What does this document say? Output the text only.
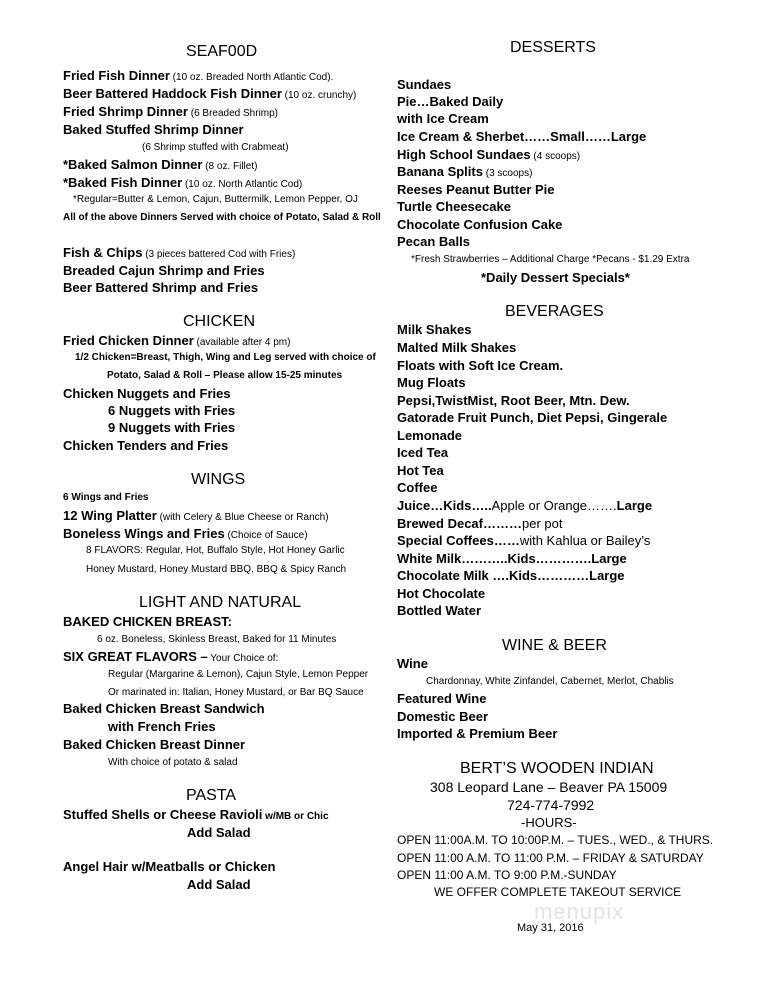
SEAF00D
Fried Fish Dinner (10 oz. Breaded North Atlantic Cod).
Beer Battered Haddock Fish Dinner (10 oz. crunchy)
Fried Shrimp Dinner (6 Breaded Shrimp)
Baked Stuffed Shrimp Dinner
(6 Shrimp stuffed with Crabmeat)
*Baked Salmon Dinner (8 oz. Fillet)
*Baked Fish Dinner (10 oz. North Atlantic Cod)
*Regular=Butter & Lemon, Cajun, Buttermilk, Lemon Pepper, OJ
All of the above Dinners Served with choice of Potato, Salad & Roll
Fish & Chips (3 pieces battered Cod with Fries)
Breaded Cajun Shrimp and Fries
Beer Battered Shrimp and Fries
CHICKEN
Fried Chicken Dinner (available after 4 pm)
1/2 Chicken=Breast, Thigh, Wing and Leg served with choice of
Potato, Salad & Roll – Please allow 15-25 minutes
Chicken Nuggets and Fries
6 Nuggets with Fries
9 Nuggets with Fries
Chicken Tenders and Fries
WINGS
6 Wings and Fries
12 Wing Platter (with Celery & Blue Cheese or Ranch)
Boneless Wings and Fries (Choice of Sauce)
8 FLAVORS: Regular, Hot, Buffalo Style, Hot Honey Garlic
Honey Mustard, Honey Mustard BBQ, BBQ & Spicy Ranch
LIGHT AND NATURAL
BAKED CHICKEN BREAST:
6 oz. Boneless, Skinless Breast, Baked for 11 Minutes
SIX GREAT FLAVORS – Your Choice of:
Regular (Margarine & Lemon), Cajun Style, Lemon Pepper
Or marinated in: Italian, Honey Mustard, or Bar BQ Sauce
Baked Chicken Breast Sandwich
with French Fries
Baked Chicken Breast Dinner
With choice of potato & salad
PASTA
Stuffed Shells or Cheese Ravioli w/MB or Chic
Add Salad
Angel Hair w/Meatballs or Chicken
Add Salad
DESSERTS
Sundaes
Pie…Baked Daily
with Ice Cream
Ice Cream & Sherbet……Small……Large
High School Sundaes (4 scoops)
Banana Splits (3 scoops)
Reeses Peanut Butter Pie
Turtle Cheesecake
Chocolate Confusion Cake
Pecan Balls
*Fresh Strawberries – Additional Charge *Pecans - $1.29 Extra
*Daily Dessert Specials*
BEVERAGES
Milk Shakes
Malted Milk Shakes
Floats with Soft Ice Cream.
Mug Floats
Pepsi,TwistMist, Root Beer, Mtn. Dew.
Gatorade Fruit Punch, Diet Pepsi, Gingerale
Lemonade
Iced Tea
Hot Tea
Coffee
Juice…Kids…..Apple or Orange…….Large
Brewed Decaf………per pot
Special Coffees……with Kahlua or Bailey’s
White Milk………..Kids………….Large
Chocolate Milk ….Kids…………Large
Hot Chocolate
Bottled Water
WINE & BEER
Wine
Chardonnay, White Zinfandel, Cabernet, Merlot, Chablis
Featured Wine
Domestic Beer
Imported & Premium Beer
BERT’S WOODEN INDIAN
308 Leopard Lane – Beaver PA 15009
724-774-7992
-HOURS-
OPEN 11:00A.M. TO 10:00P.M. – TUES., WED., & THURS.
OPEN 11:00 A.M. TO 11:00 P.M. – FRIDAY & SATURDAY
OPEN 11:00 A.M. TO 9:00 P.M.-SUNDAY
WE OFFER COMPLETE TAKEOUT SERVICE
May 31, 2016
menupix
